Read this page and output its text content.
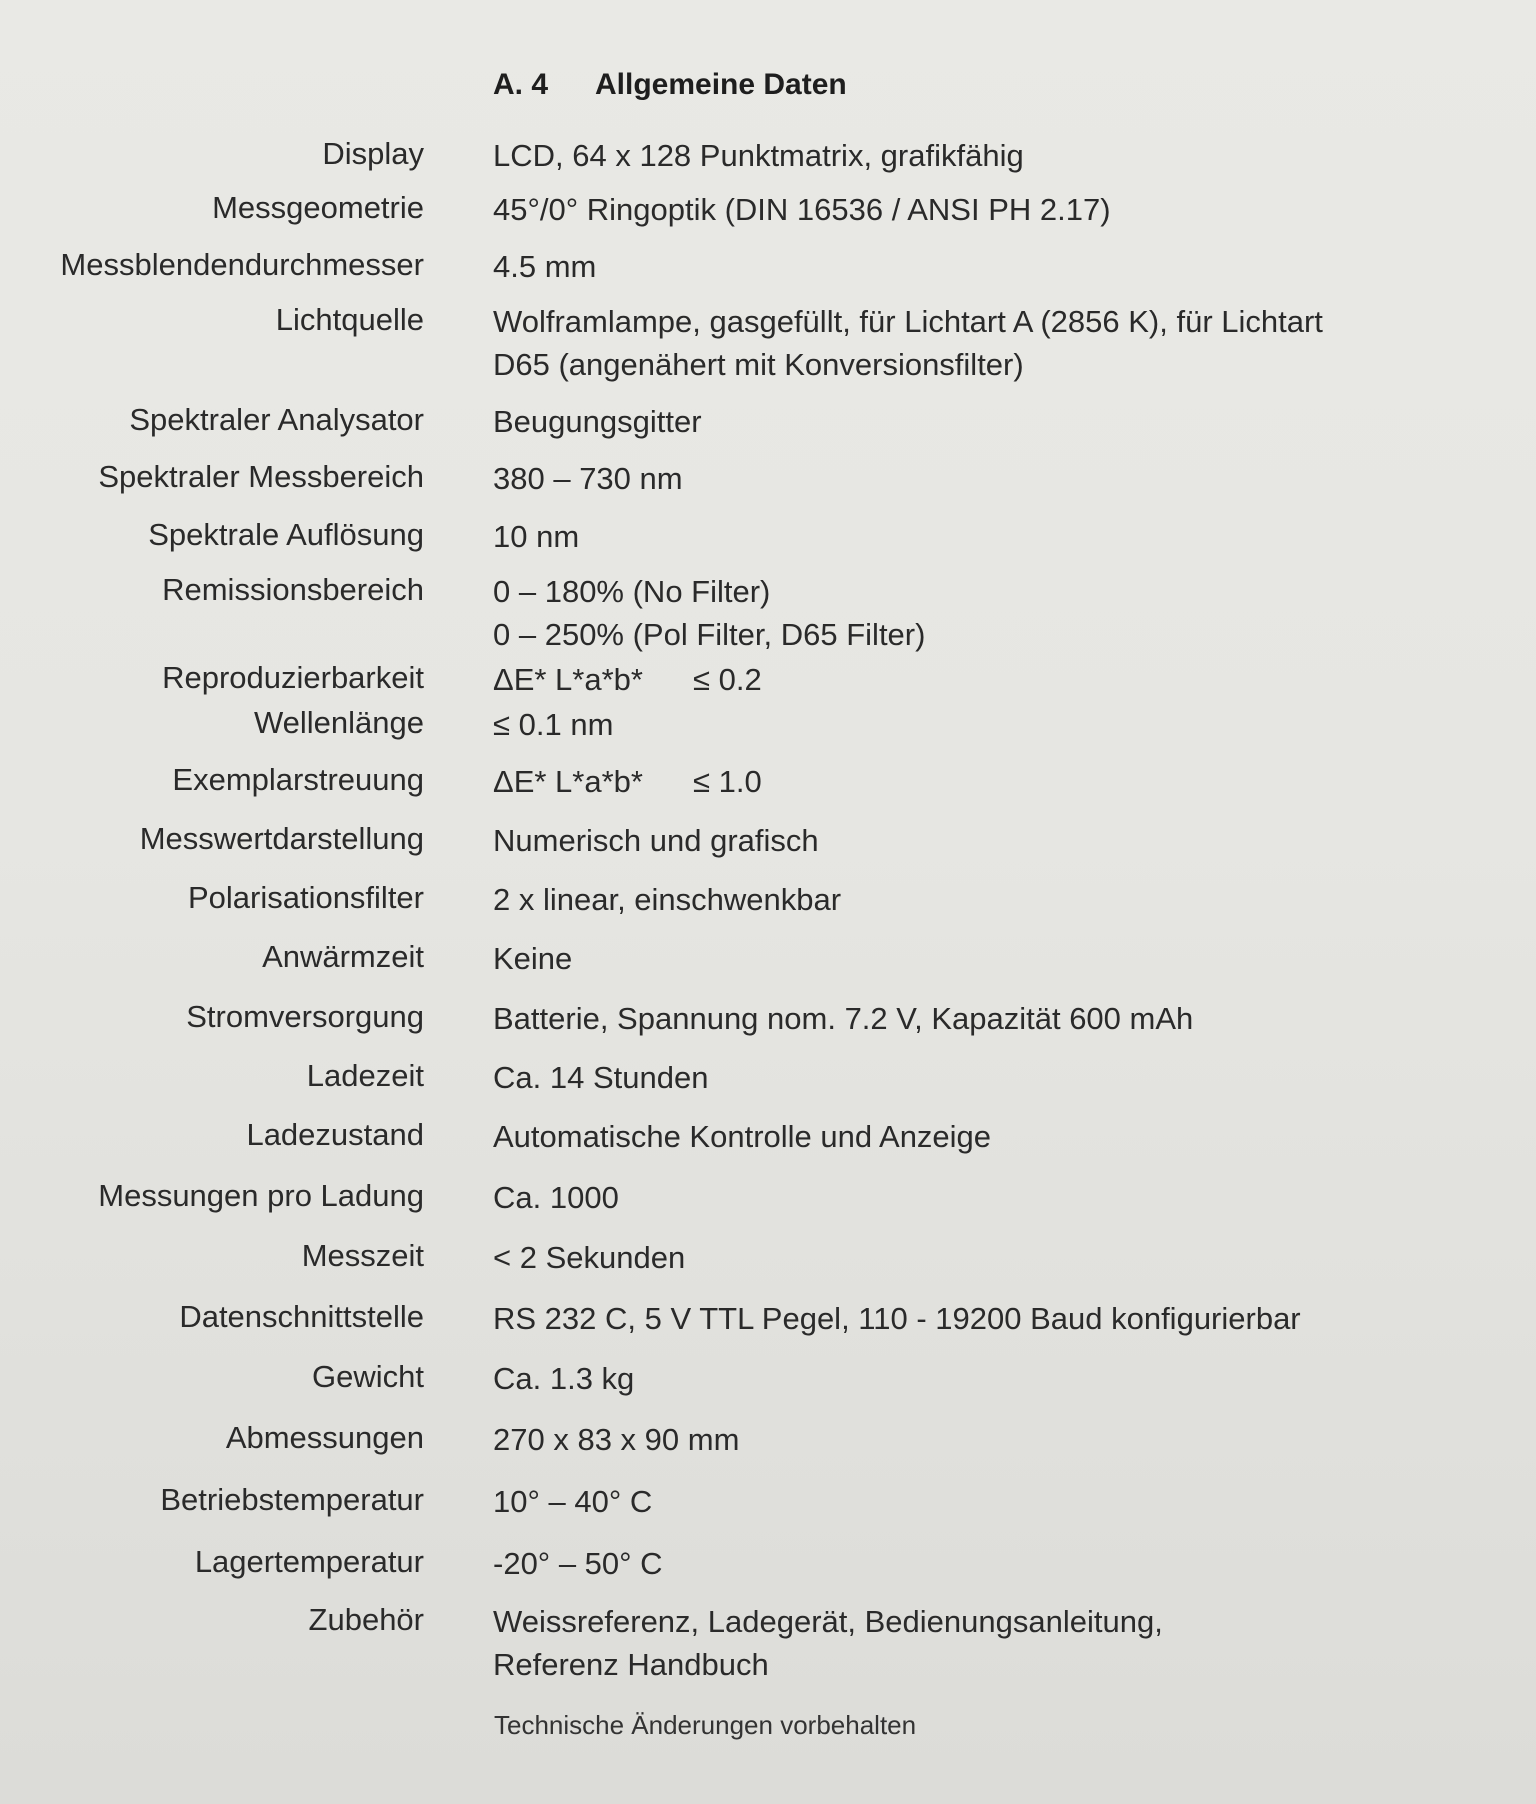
A. 4 Allgemeine Daten
Display LCD, 64 x 128 Punktmatrix, grafikfähig
Messgeometrie 45°/0° Ringoptik (DIN 16536 / ANSI PH 2.17)
Messblendendurchmesser 4.5 mm
Lichtquelle Wolframlampe, gasgefüllt, für Lichtart A (2856 K), für Lichtart
D65 (angenähert mit Konversionsfilter)
Spektraler Analysator Beugungsgitter
Spektraler Messbereich 380 – 730 nm
Spektrale Auflösung 10 nm
Remissionsbereich 0 – 180% (No Filter)
0 – 250% (Pol Filter, D65 Filter)
Reproduzierbarkeit ΔE* L*a*b* ≤ 0.2
Wellenlänge ≤ 0.1 nm
Exemplarstreuung ΔE* L*a*b* ≤ 1.0
Messwertdarstellung Numerisch und grafisch
Polarisationsfilter 2 x linear, einschwenkbar
Anwärmzeit Keine
Stromversorgung Batterie, Spannung nom. 7.2 V, Kapazität 600 mAh
Ladezeit Ca. 14 Stunden
Ladezustand Automatische Kontrolle und Anzeige
Messungen pro Ladung Ca. 1000
Messzeit < 2 Sekunden
Datenschnittstelle RS 232 C, 5 V TTL Pegel, 110 - 19200 Baud konfigurierbar
Gewicht Ca. 1.3 kg
Abmessungen 270 x 83 x 90 mm
Betriebstemperatur 10° – 40° C
Lagertemperatur -20° – 50° C
Zubehör Weissreferenz, Ladegerät, Bedienungsanleitung,
Referenz Handbuch
Technische Änderungen vorbehalten
